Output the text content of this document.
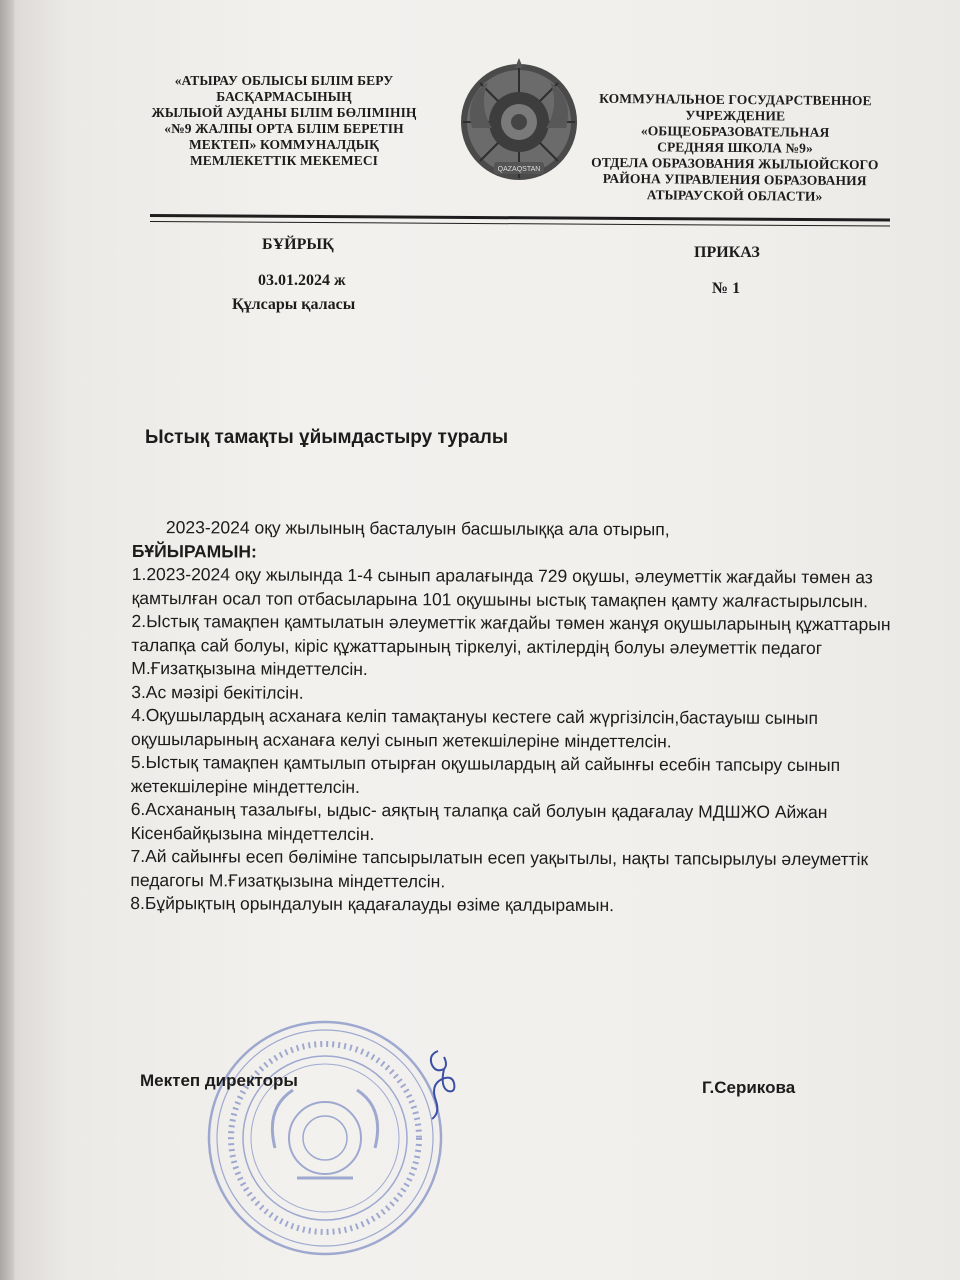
«АТЫРАУ ОБЛЫСЫ БІЛІМ БЕРУ
БАСҚАРМАСЫНЫҢ
ЖЫЛЫОЙ АУДАНЫ БІЛІМ БӨЛІМІНІҢ
«№9 ЖАЛПЫ ОРТА БІЛІМ БЕРЕТІН
МЕКТЕП» КОММУНАЛДЫҚ
МЕМЛЕКЕТТІК МЕКЕМЕСІ
QAZAQSTAN
КОММУНАЛЬНОЕ ГОСУДАРСТВЕННОЕ
УЧРЕЖДЕНИЕ «ОБЩЕОБРАЗОВАТЕЛЬНАЯ
СРЕДНЯЯ ШКОЛА №9»
ОТДЕЛА ОБРАЗОВАНИЯ ЖЫЛЫОЙСКОГО
РАЙОНА УПРАВЛЕНИЯ ОБРАЗОВАНИЯ
АТЫРАУСКОЙ ОБЛАСТИ»

БҰЙРЫҚ

03.01.2024 ж

Құлсары қаласы

ПРИКАЗ

№ 1

Ыстық тамақты ұйымдастыру туралы

2023-2024 оқу жылының басталуын басшылыққа ала отырып,

БҰЙЫРАМЫН:

1.2023-2024 оқу жылында 1-4 сынып аралағында 729 оқушы, әлеуметтік жағдайы төмен аз қамтылған осал топ отбасыларына 101 оқушыны ыстық тамақпен қамту жалғастырылсын.

2.Ыстық тамақпен қамтылатын әлеуметтік жағдайы төмен жанұя оқушыларының құжаттарын талапқа сай болуы, кіріс құжаттарының тіркелуі, актілердің болуы әлеуметтік педагог М.Ғизатқызына міндеттелсін.

3.Ас мәзірі бекітілсін.

4.Оқушылардың асханаға келіп тамақтануы кестеге сай жүргізілсін,бастауыш сынып оқушыларының асханаға келуі сынып жетекшілеріне міндеттелсін.

5.Ыстық тамақпен қамтылып отырған оқушылардың ай сайынғы есебін тапсыру сынып жетекшілеріне міндеттелсін.

6.Асхананың тазалығы, ыдыс- аяқтың талапқа сай болуын қадағалау МДШЖО Айжан Кісенбайқызына міндеттелсін.

7.Ай сайынғы есеп бөліміне тапсырылатын есеп уақытылы, нақты тапсырылуы әлеуметтік педагогы М.Ғизатқызына міндеттелсін.

8.Бұйрықтың орындалуын қадағалауды өзіме қалдырамын.

Мектеп директоры	Г.Серикова
